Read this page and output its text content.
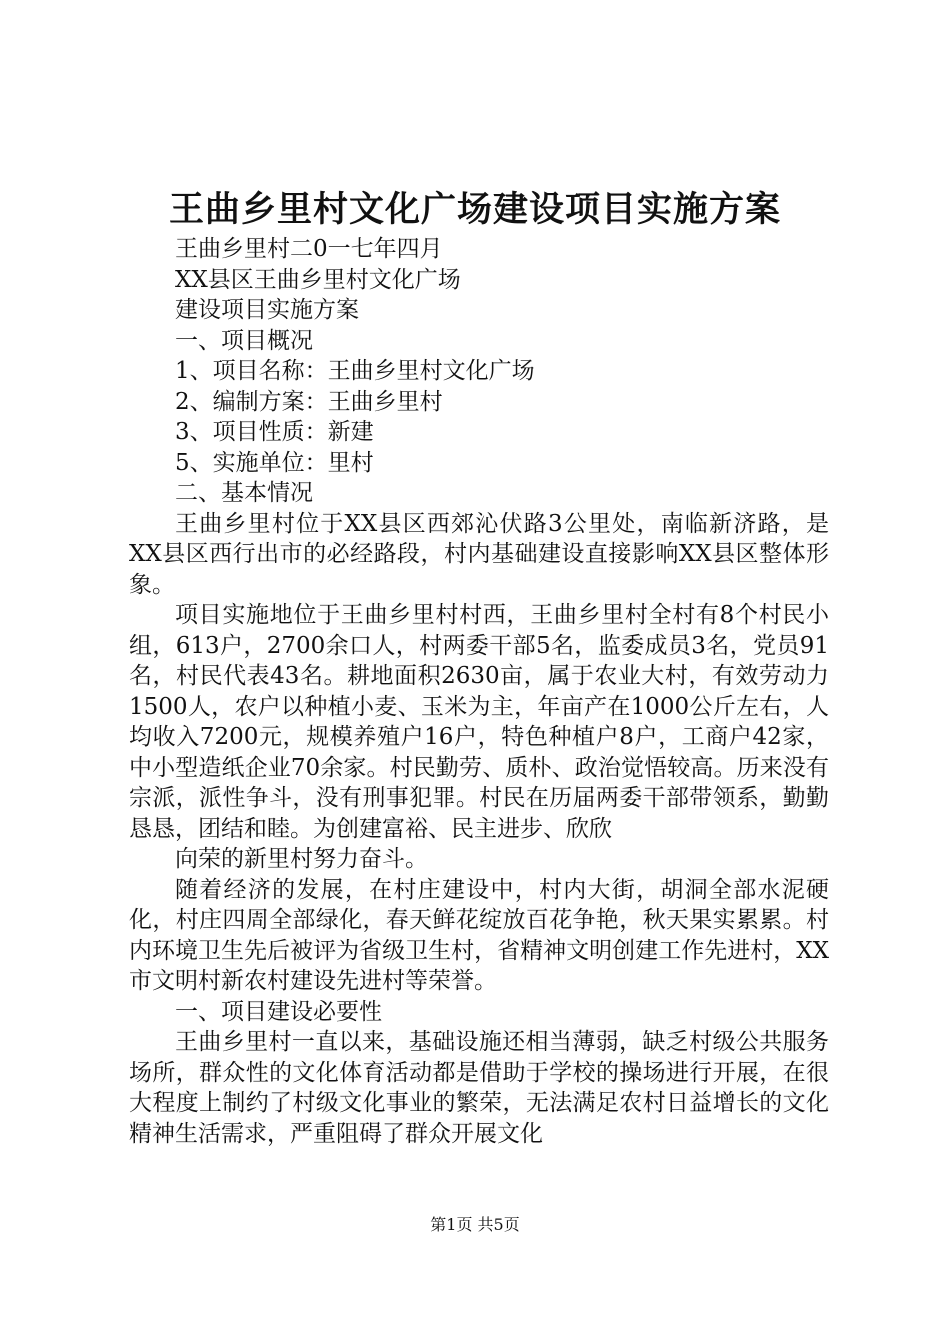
王曲乡里村文化广场建设项目实施方案

王曲乡里村二0一七年四月

XX县区王曲乡里村文化广场

建设项目实施方案

一、项目概况

1、项目名称：王曲乡里村文化广场

2、编制方案：王曲乡里村

3、项目性质：新建

5、实施单位：里村

二、基本情况

王曲乡里村位于XX县区西郊沁伏路3公里处，南临新济路，是XX县区西行出市的必经路段，村内基础建设直接影响XX县区整体形象。

项目实施地位于王曲乡里村村西，王曲乡里村全村有8个村民小组，613户，2700余口人，村两委干部5名，监委成员3名，党员91名，村民代表43名。耕地面积2630亩，属于农业大村，有效劳动力1500人，农户以种植小麦、玉米为主，年亩产在1000公斤左右，人均收入7200元，规模养殖户16户，特色种植户8户，工商户42家，中小型造纸企业70余家。村民勤劳、质朴、政治觉悟较高。历来没有宗派，派性争斗，没有刑事犯罪。村民在历届两委干部带领系，勤勤恳恳，团结和睦。为创建富裕、民主进步、欣欣

向荣的新里村努力奋斗。

随着经济的发展，在村庄建设中，村内大街，胡洞全部水泥硬化，村庄四周全部绿化，春天鲜花绽放百花争艳，秋天果实累累。村内环境卫生先后被评为省级卫生村，省精神文明创建工作先进村，XX市文明村新农村建设先进村等荣誉。

一、项目建设必要性

王曲乡里村一直以来，基础设施还相当薄弱，缺乏村级公共服务场所，群众性的文化体育活动都是借助于学校的操场进行开展，在很大程度上制约了村级文化事业的繁荣，无法满足农村日益增长的文化精神生活需求，严重阻碍了群众开展文化

第1页 共5页
